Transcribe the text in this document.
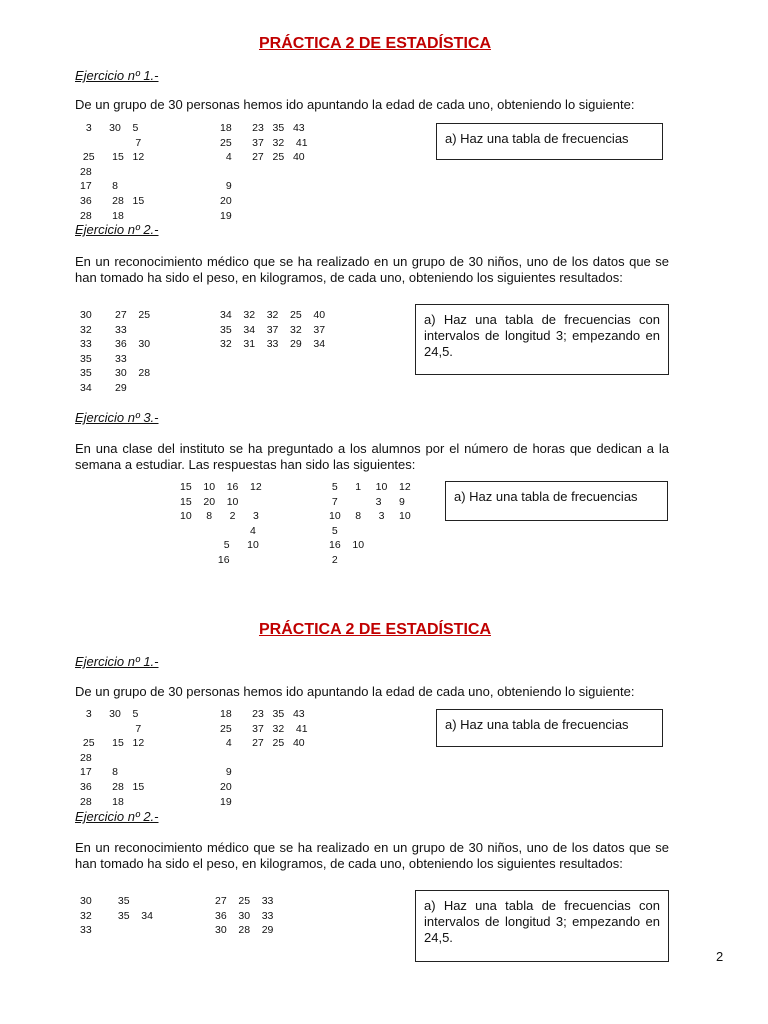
PRÁCTICA 2 DE ESTADÍSTICA
Ejercicio nº 1.-
De un grupo de 30 personas hemos ido apuntando la edad de cada uno, obteniendo lo siguiente:
3      30    5
7
25      15   12
28
17       8
36       28   15
28       18
18       23   35   43
25       37   32    41
4       27   25   40

9
20
19
a) Haz una tabla de frecuencias
Ejercicio nº 2.-
En un reconocimiento médico que se ha realizado en un grupo de 30 niños, uno de los datos que se han tomado ha sido el peso, en kilogramos, de cada uno, obteniendo los siguientes resultados:
30        27    25
32        33
33        36    30
35        33
35        30    28
34        29
34    32    32    25    40
35    34    37    32    37
32    31    33    29    34
a) Haz una tabla de frecuencias con intervalos de longitud 3; empezando en 24,5.
Ejercicio nº 3.-
En una clase del instituto se ha preguntado a los alumnos por el número de horas que dedican a la semana a estudiar. Las respuestas han sido las siguientes:
15    10    16    12
15    20    10
10     8      2      3
4
5      10
16
5      1     10    12
7             3      9
10     8      3     10
5
16    10
2
a) Haz una tabla de frecuencias
PRÁCTICA 2 DE ESTADÍSTICA
Ejercicio nº 1.-
De un grupo de 30 personas hemos ido apuntando la edad de cada uno, obteniendo lo siguiente:
3      30    5
7
25      15   12
28
17       8
36       28   15
28       18
18       23   35   43
25       37   32    41
4       27   25   40

9
20
19
a) Haz una tabla de frecuencias
Ejercicio nº 2.-
En un reconocimiento médico que se ha realizado en un grupo de 30 niños, uno de los datos que se han tomado ha sido el peso, en kilogramos, de cada uno, obteniendo los siguientes resultados:
30         35
32         35    34
33
27    25    33
36    30    33
30    28    29
a) Haz una tabla de frecuencias con intervalos de longitud 3; empezando en 24,5.
2
